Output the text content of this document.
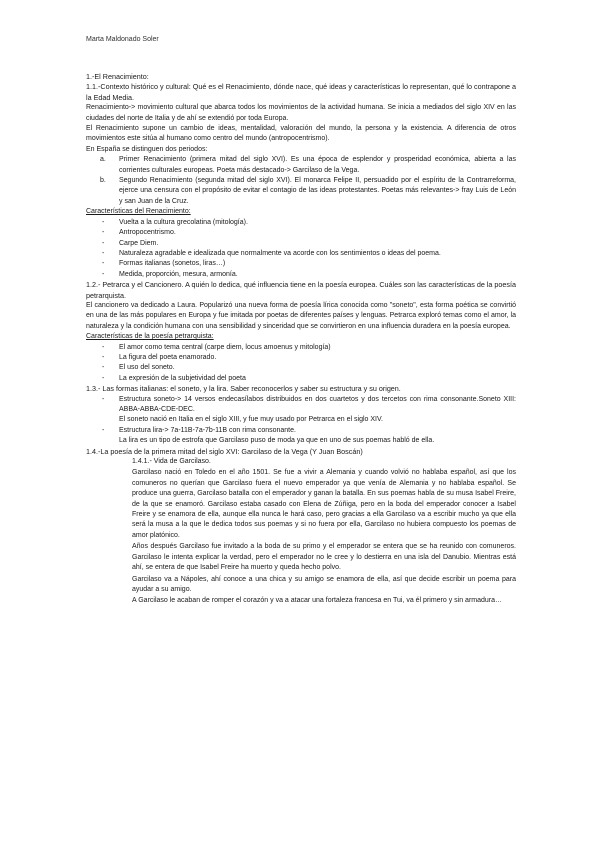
Marta Maldonado Soler

1.-El Renacimiento:

1.1.-Contexto histórico y cultural: Qué es el Renacimiento, dónde nace, qué ideas y características lo representan, qué lo contrapone a la Edad Media.

Renacimiento-> movimiento cultural que abarca todos los movimientos de la actividad humana. Se inicia a mediados del siglo XIV en las ciudades del norte de Italia y de ahí se extendió por toda Europa.

El Renacimiento supone un cambio de ideas, mentalidad, valoración del mundo, la persona y la existencia. A diferencia de otros movimientos este sitúa al humano como centro del mundo (antropocentrismo).

En España se distinguen dos periodos:

a. Primer Renacimiento (primera mitad del siglo XVI). Es una época de esplendor y prosperidad económica, abierta a las corrientes culturales europeas. Poeta más destacado-> Garcilaso de la Vega.
b. Segundo Renacimiento (segunda mitad del siglo XVI). El monarca Felipe II, persuadido por el espíritu de la Contrarreforma, ejerce una censura con el propósito de evitar el contagio de las ideas protestantes. Poetas más relevantes-> fray Luis de León y san Juan de la Cruz.

Características del Renacimiento:

- Vuelta a la cultura grecolatina (mitología).
- Antropocentrismo.
- Carpe Diem.
- Naturaleza agradable e idealizada que normalmente va acorde con los sentimientos o ideas del poema.
- Formas italianas (sonetos, liras…)
- Medida, proporción, mesura, armonía.

1.2.- Petrarca y el Cancionero. A quién lo dedica, qué influencia tiene en la poesía europea. Cuáles son las características de la poesía petrarquista.

El cancionero va dedicado a Laura. Popularizó una nueva forma de poesía lírica conocida como "soneto", esta forma poética se convirtió en una de las más populares en Europa y fue imitada por poetas de diferentes países y lenguas. Petrarca exploró temas como el amor, la naturaleza y la condición humana con una sensibilidad y sinceridad que se convirtieron en una influencia duradera en la poesía europea.

Características de la poesía petrarquista:

- El amor como tema central (carpe diem, locus amoenus y mitología)
- La figura del poeta enamorado.
- El uso del soneto.
- La expresión de la subjetividad del poeta

1.3.- Las formas italianas: el soneto, y la lira. Saber reconocerlos y saber su estructura y su origen.

- Estructura soneto-> 14 versos endecasílabos distribuidos en dos cuartetos y dos tercetos con rima consonante.Soneto XIII: ABBA-ABBA-CDE-DEC.

El soneto nació en Italia en el siglo XIII, y fue muy usado por Petrarca en el siglo XIV.

- Estructura lira-> 7a-11B-7a-7b-11B con rima consonante.

La lira es un tipo de estrofa que Garcilaso puso de moda ya que en uno de sus poemas habló de ella.

1.4.-La poesía de la primera mitad del siglo XVI: Garcilaso de la Vega (Y Juan Boscán)

1.4.1.- Vida de Garcilaso.

Garcilaso nació en Toledo en el año 1501. Se fue a vivir a Alemania y cuando volvió no hablaba español, así que los comuneros no querían que Garcilaso fuera el nuevo emperador ya que venía de Alemania y no hablaba español. Se produce una guerra, Garcilaso batalla con el emperador y ganan la batalla. En sus poemas habla de su musa Isabel Freire, de la que se enamoró. Garcilaso estaba casado con Elena de Zúñiga, pero en la boda del emperador conocer a Isabel Freire y se enamora de ella, aunque ella nunca le hará caso, pero gracias a ella Garcilaso va a escribir mucho ya que ella será la musa a la que le dedica todos sus poemas y si no fuera por ella, Garcilaso no hubiera compuesto los poemas de amor platónico.

Años después Garcilaso fue invitado a la boda de su primo y el emperador se entera que se ha reunido con comuneros. Garcilaso le intenta explicar la verdad, pero el emperador no le cree y lo destierra en una isla del Danubio. Mientras está ahí, se entera de que Isabel Freire ha muerto y queda hecho polvo.

Garcilaso va a Nápoles, ahí conoce a una chica y su amigo se enamora de ella, así que decide escribir un poema para ayudar a su amigo.

A Garcilaso le acaban de romper el corazón y va a atacar una fortaleza francesa en Tui, va él primero y sin armadura…
